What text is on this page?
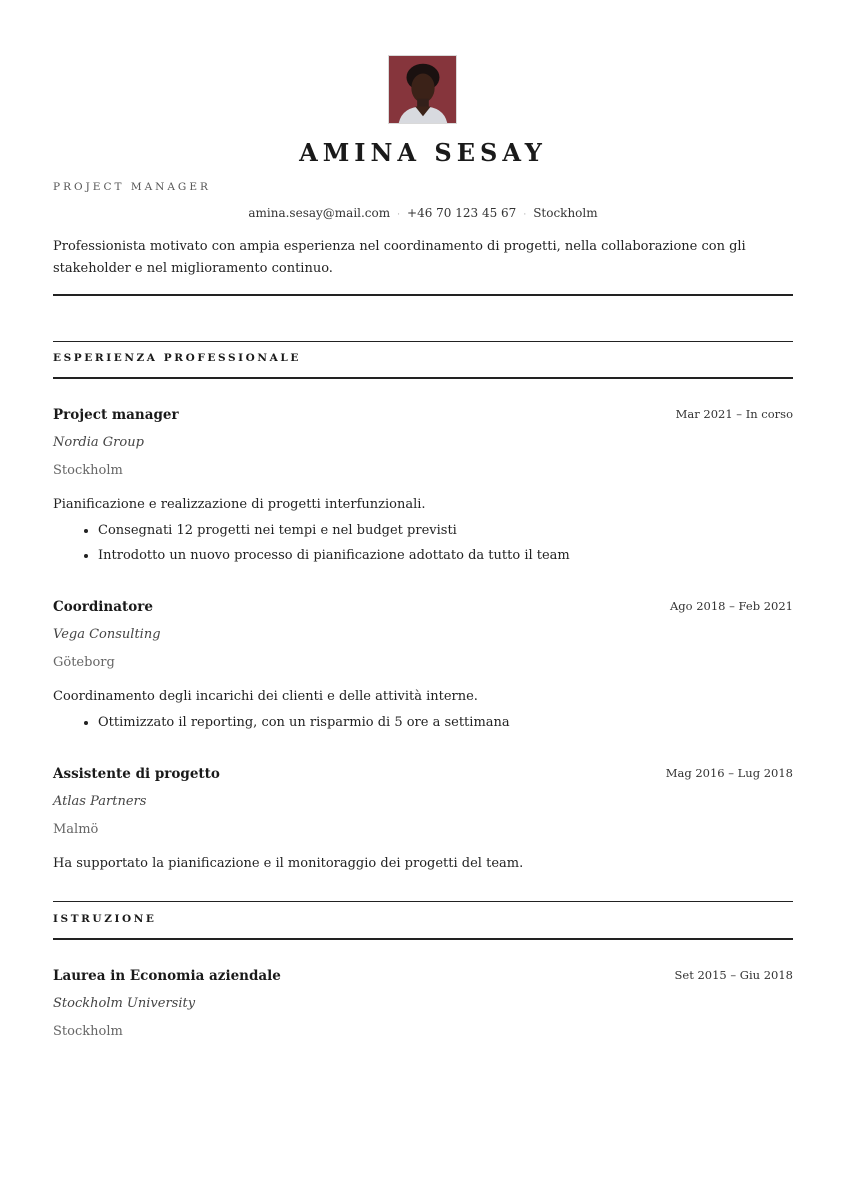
AMINA SESAY
PROJECT MANAGER
amina.sesay@mail.com · +46 70 123 45 67 · Stockholm
Professionista motivato con ampia esperienza nel coordinamento di progetti, nella collaborazione con gli stakeholder e nel miglioramento continuo.
ESPERIENZA PROFESSIONALE
Project manager	Mar 2021 – In corso
Nordia Group
Stockholm
Pianificazione e realizzazione di progetti interfunzionali.
• Consegnati 12 progetti nei tempi e nel budget previsti
• Introdotto un nuovo processo di pianificazione adottato da tutto il team
Coordinatore	Ago 2018 – Feb 2021
Vega Consulting
Göteborg
Coordinamento degli incarichi dei clienti e delle attività interne.
• Ottimizzato il reporting, con un risparmio di 5 ore a settimana
Assistente di progetto	Mag 2016 – Lug 2018
Atlas Partners
Malmö
Ha supportato la pianificazione e il monitoraggio dei progetti del team.
ISTRUZIONE
Laurea in Economia aziendale	Set 2015 – Giu 2018
Stockholm University
Stockholm
